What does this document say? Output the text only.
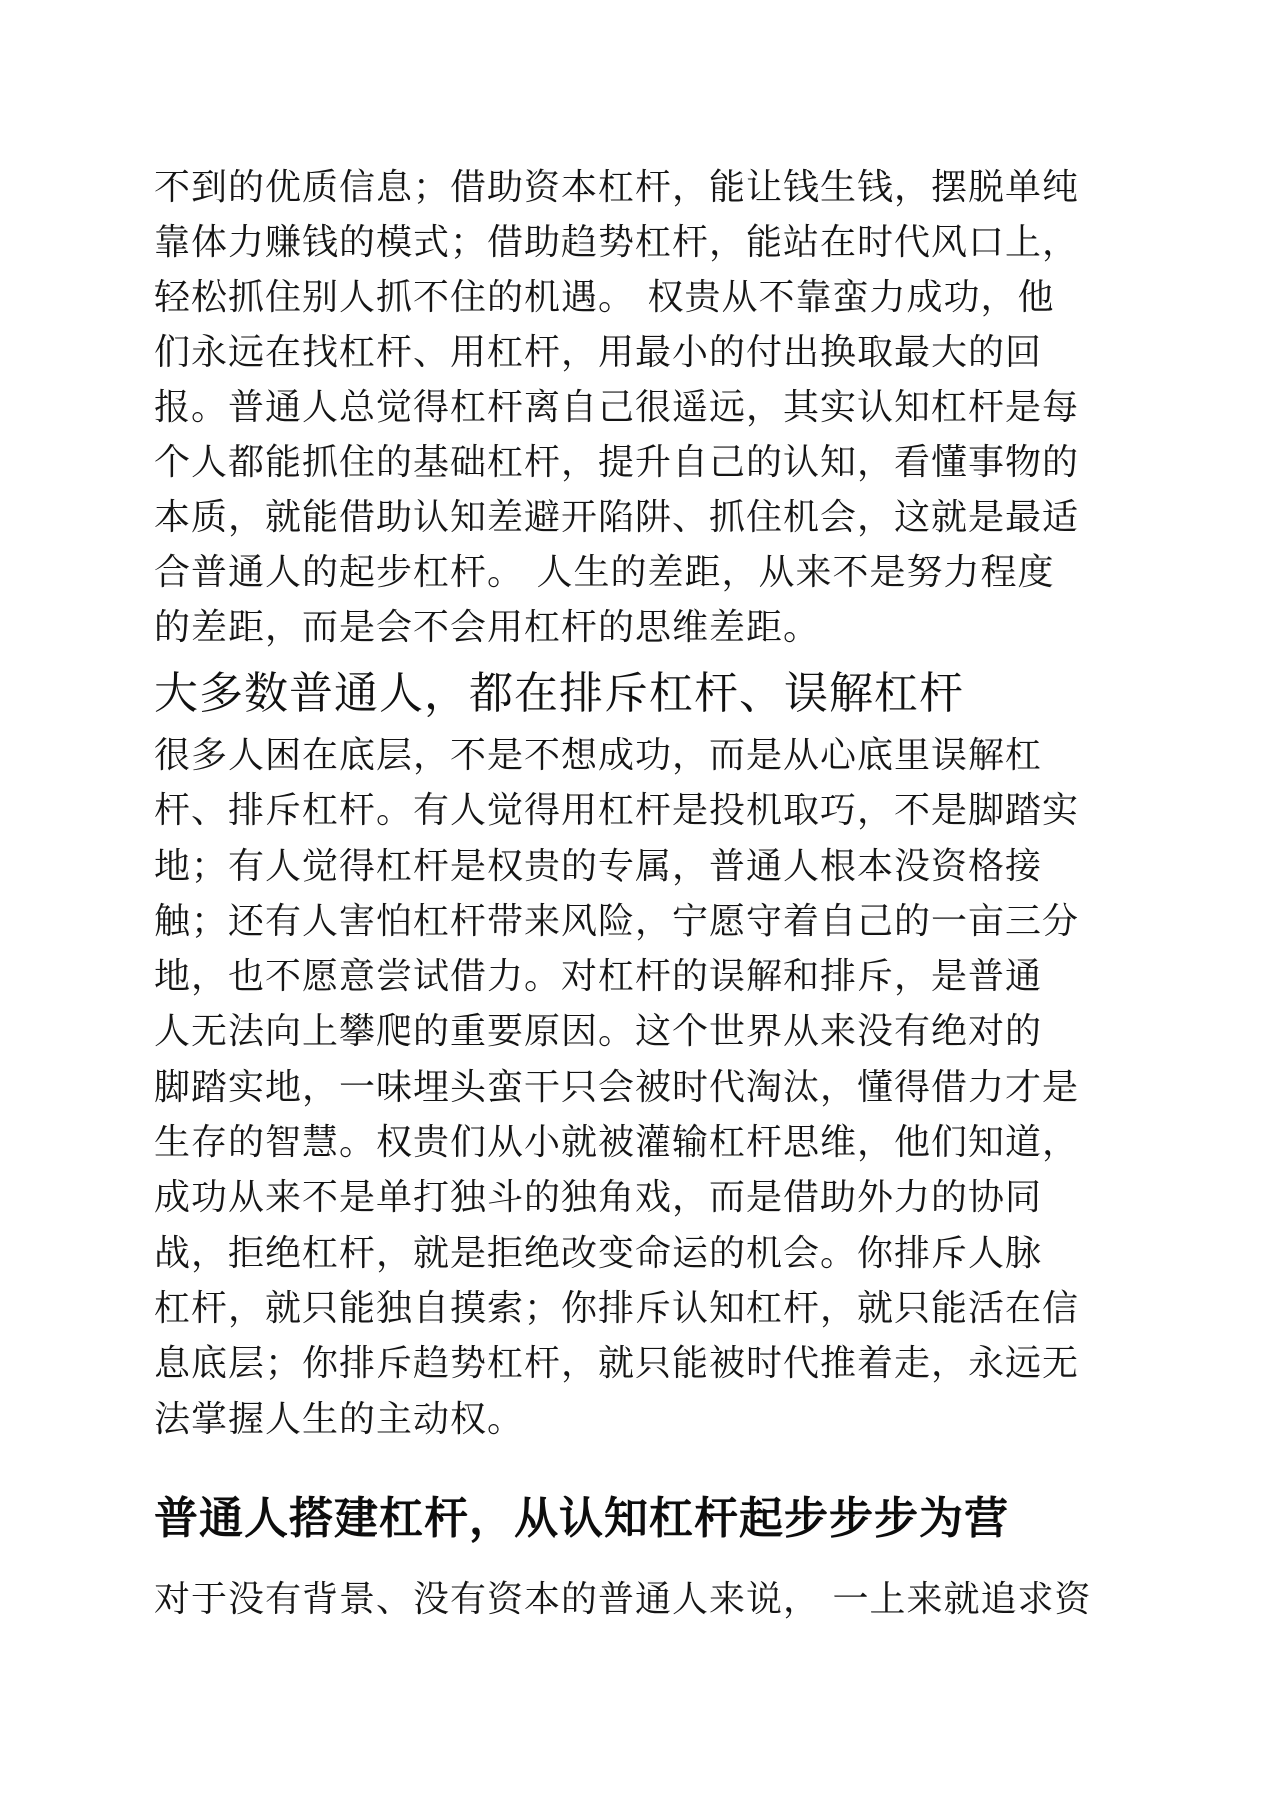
不到的优质信息；借助资本杠杆，能让钱生钱，摆脱单纯
靠体力赚钱的模式；借助趋势杠杆，能站在时代风口上，
轻松抓住别人抓不住的机遇。 权贵从不靠蛮力成功，他
们永远在找杠杆、用杠杆，用最小的付出换取最大的回
报。普通人总觉得杠杆离自己很遥远，其实认知杠杆是每
个人都能抓住的基础杠杆，提升自己的认知，看懂事物的
本质，就能借助认知差避开陷阱、抓住机会，这就是最适
合普通人的起步杠杆。 人生的差距，从来不是努力程度
的差距，而是会不会用杠杆的思维差距。
大多数普通人，都在排斥杠杆、误解杠杆
很多人困在底层，不是不想成功，而是从心底里误解杠
杆、排斥杠杆。有人觉得用杠杆是投机取巧，不是脚踏实
地；有人觉得杠杆是权贵的专属，普通人根本没资格接
触；还有人害怕杠杆带来风险，宁愿守着自己的一亩三分
地，也不愿意尝试借力。对杠杆的误解和排斥，是普通
人无法向上攀爬的重要原因。这个世界从来没有绝对的
脚踏实地，一味埋头蛮干只会被时代淘汰，懂得借力才是
生存的智慧。权贵们从小就被灌输杠杆思维，他们知道，
成功从来不是单打独斗的独角戏，而是借助外力的协同
战，拒绝杠杆，就是拒绝改变命运的机会。你排斥人脉
杠杆，就只能独自摸索；你排斥认知杠杆，就只能活在信
息底层；你排斥趋势杠杆，就只能被时代推着走，永远无
法掌握人生的主动权。
普通人搭建杠杆，从认知杠杆起步步步为营
对于没有背景、没有资本的普通人来说， 一上来就追求资
